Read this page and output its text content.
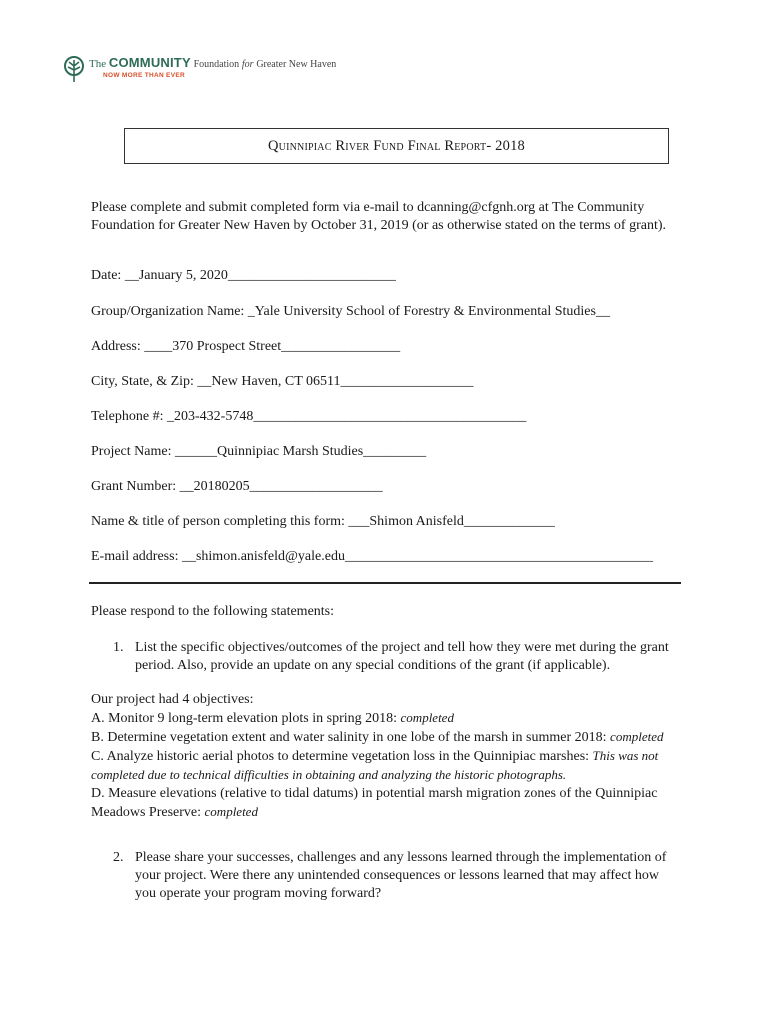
The COMMUNITY Foundation for Greater New Haven
NOW MORE THAN EVER
Quinnipiac River Fund Final Report- 2018
Please complete and submit completed form via e-mail to dcanning@cfgnh.org at The Community Foundation for Greater New Haven by October 31, 2019 (or as otherwise stated on the terms of grant).
Date: __January 5, 2020________________________
Group/Organization Name: _Yale University School of Forestry & Environmental Studies__
Address: ____370 Prospect Street_________________
City, State, & Zip: __New Haven, CT 06511___________________
Telephone #: _203-432-5748_______________________________________
Project Name: ______Quinnipiac Marsh Studies_________
Grant Number: __20180205___________________
Name & title of person completing this form: ___Shimon Anisfeld_____________
E-mail address: __shimon.anisfeld@yale.edu____________________________________________
Please respond to the following statements:
1. List the specific objectives/outcomes of the project and tell how they were met during the grant period. Also, provide an update on any special conditions of the grant (if applicable).
Our project had 4 objectives:
A. Monitor 9 long-term elevation plots in spring 2018: completed
B. Determine vegetation extent and water salinity in one lobe of the marsh in summer 2018: completed
C. Analyze historic aerial photos to determine vegetation loss in the Quinnipiac marshes: This was not completed due to technical difficulties in obtaining and analyzing the historic photographs.
D. Measure elevations (relative to tidal datums) in potential marsh migration zones of the Quinnipiac Meadows Preserve: completed
2. Please share your successes, challenges and any lessons learned through the implementation of your project. Were there any unintended consequences or lessons learned that may affect how you operate your program moving forward?
